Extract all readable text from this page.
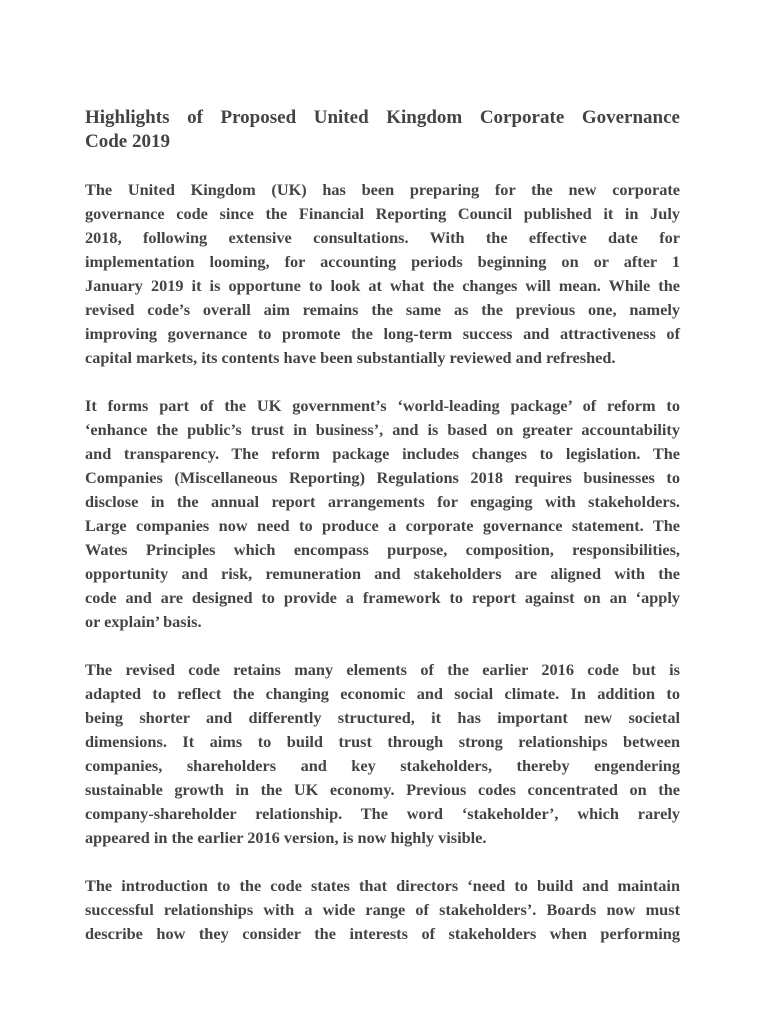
Highlights of Proposed United Kingdom Corporate Governance
Code 2019
The United Kingdom (UK) has been preparing for the new corporate
governance code since the Financial Reporting Council published it in July
2018, following extensive consultations. With the effective date for
implementation looming, for accounting periods beginning on or after 1
January 2019 it is opportune to look at what the changes will mean. While the
revised code’s overall aim remains the same as the previous one, namely
improving governance to promote the long-term success and attractiveness of
capital markets, its contents have been substantially reviewed and refreshed.
It forms part of the UK government’s ‘world-leading package’ of reform to
‘enhance the public’s trust in business’, and is based on greater accountability
and transparency. The reform package includes changes to legislation. The
Companies (Miscellaneous Reporting) Regulations 2018 requires businesses to
disclose in the annual report arrangements for engaging with stakeholders.
Large companies now need to produce a corporate governance statement. The
Wates Principles which encompass purpose, composition, responsibilities,
opportunity and risk, remuneration and stakeholders are aligned with the
code and are designed to provide a framework to report against on an ‘apply
or explain’ basis.
The revised code retains many elements of the earlier 2016 code but is
adapted to reflect the changing economic and social climate. In addition to
being shorter and differently structured, it has important new societal
dimensions. It aims to build trust through strong relationships between
companies, shareholders and key stakeholders, thereby engendering
sustainable growth in the UK economy. Previous codes concentrated on the
company-shareholder relationship. The word ‘stakeholder’, which rarely
appeared in the earlier 2016 version, is now highly visible.
The introduction to the code states that directors ‘need to build and maintain
successful relationships with a wide range of stakeholders’. Boards now must
describe how they consider the interests of stakeholders when performing
